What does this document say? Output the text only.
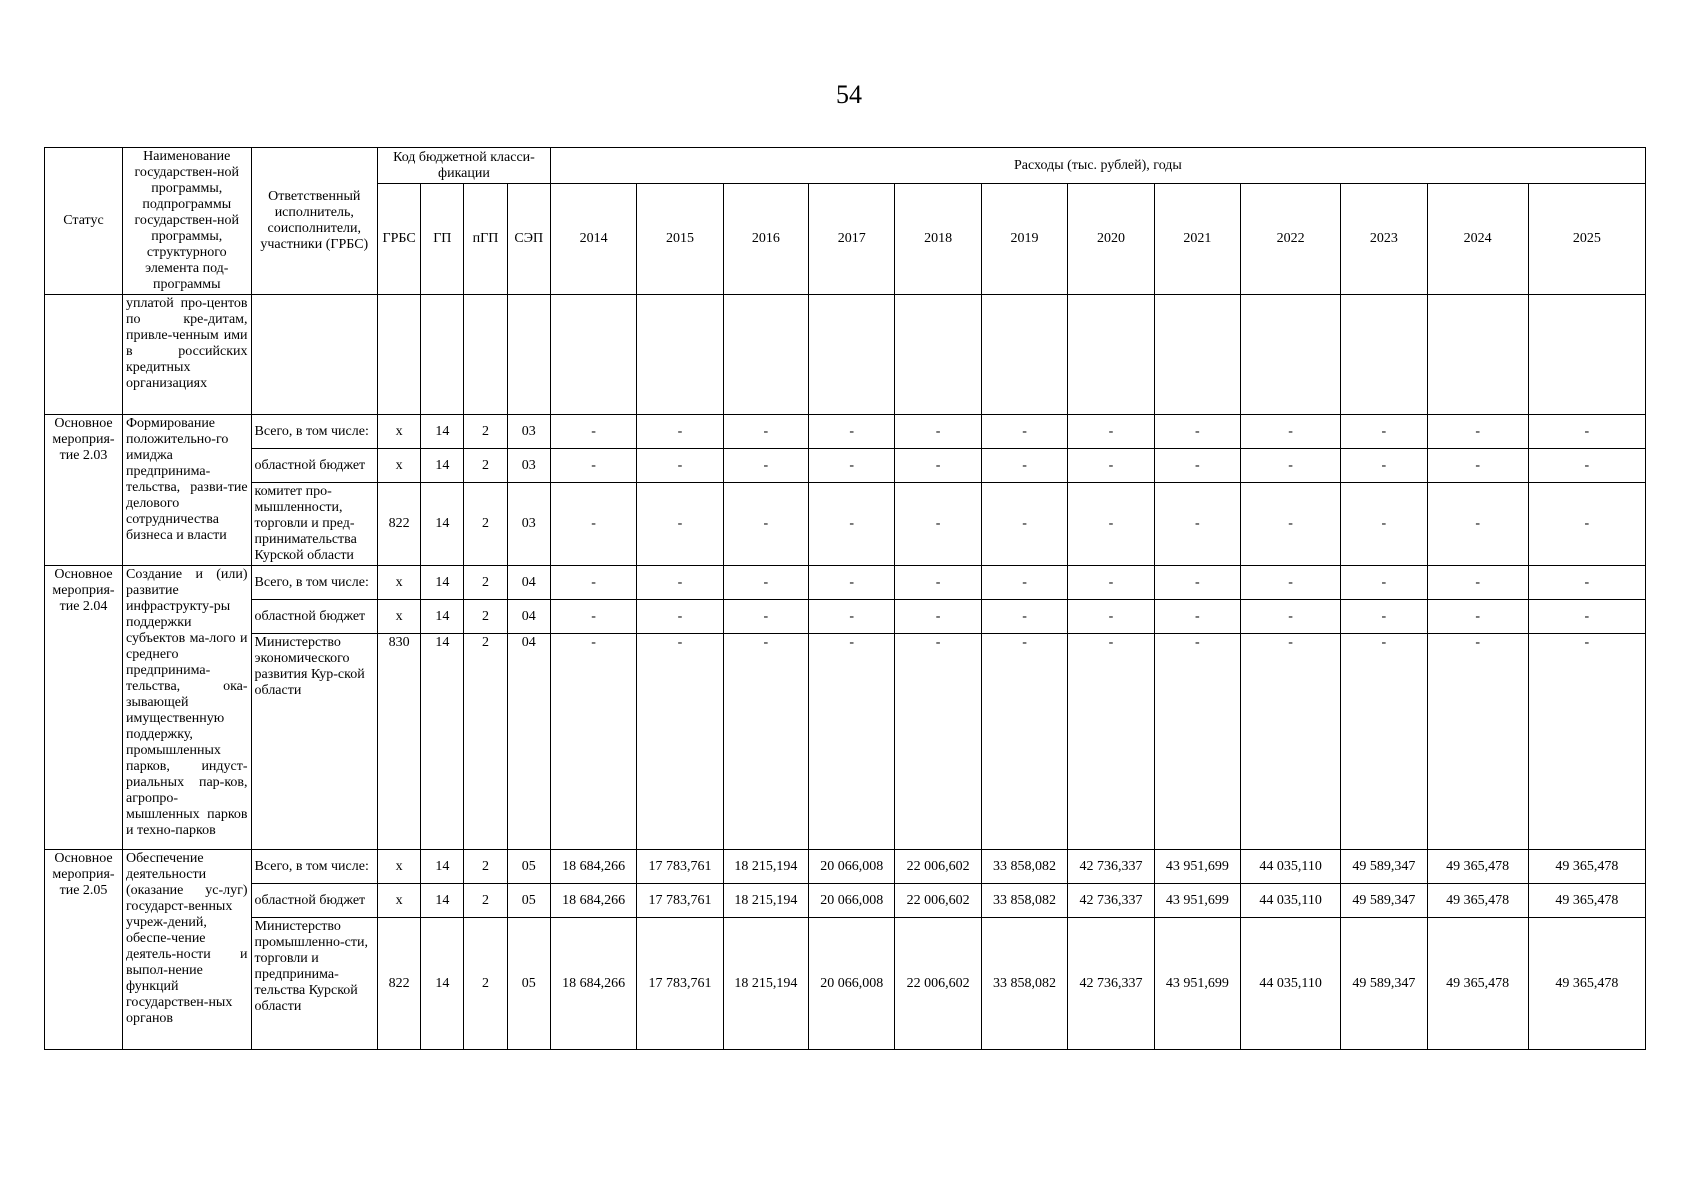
54
Статус	Наименование государствен-ной программы, подпрограммы государствен-ной программы, структурного элемента под-программы	Ответственный исполнитель, соисполнители, участники (ГРБС)	Код бюджетной класси-фикации				Расходы (тыс. рублей), годы											
			ГРБС	ГП	пГП	СЭП	2014	2015	2016	2017	2018	2019	2020	2021	2022	2023	2024	2025
	уплатой про-центов по кре-дитам, привле-ченным ими в российских кредитных организациях																	
Основное мероприя-тие 2.03	Формирование положительно-го имиджа предпринима-тельства, разви-тие делового сотрудничества бизнеса и власти	Всего, в том числе:	x	14	2	03	-	-	-	-	-	-	-	-	-	-	-	-
		областной бюджет	x	14	2	03	-	-	-	-	-	-	-	-	-	-	-	-
		комитет про-мышленности, торговли и пред-принимательства Курской области	822	14	2	03	-	-	-	-	-	-	-	-	-	-	-	-
Основное мероприя-тие 2.04	Создание и (или) развитие инфраструкту-ры поддержки субъектов ма-лого и среднего предпринима-тельства, ока-зывающей имущественную поддержку, промышленных парков, индуст-риальных пар-ков, агропро-мышленных парков и техно-парков	Всего, в том числе:	x	14	2	04	-	-	-	-	-	-	-	-	-	-	-	-
		областной бюджет	x	14	2	04	-	-	-	-	-	-	-	-	-	-	-	-
		Министерство экономического развития Кур-ской области	830	14	2	04	-	-	-	-	-	-	-	-	-	-	-	-
Основное мероприя-тие 2.05	Обеспечение деятельности (оказание ус-луг) государст-венных учреж-дений, обеспе-чение деятель-ности и выпол-нение функций государствен-ных органов	Всего, в том числе:	x	14	2	05	18 684,266	17 783,761	18 215,194	20 066,008	22 006,602	33 858,082	42 736,337	43 951,699	44 035,110	49 589,347	49 365,478	49 365,478
		областной бюджет	x	14	2	05	18 684,266	17 783,761	18 215,194	20 066,008	22 006,602	33 858,082	42 736,337	43 951,699	44 035,110	49 589,347	49 365,478	49 365,478
		Министерство промышленно-сти, торговли и предпринима-тельства Курской области	822	14	2	05	18 684,266	17 783,761	18 215,194	20 066,008	22 006,602	33 858,082	42 736,337	43 951,699	44 035,110	49 589,347	49 365,478	49 365,478
